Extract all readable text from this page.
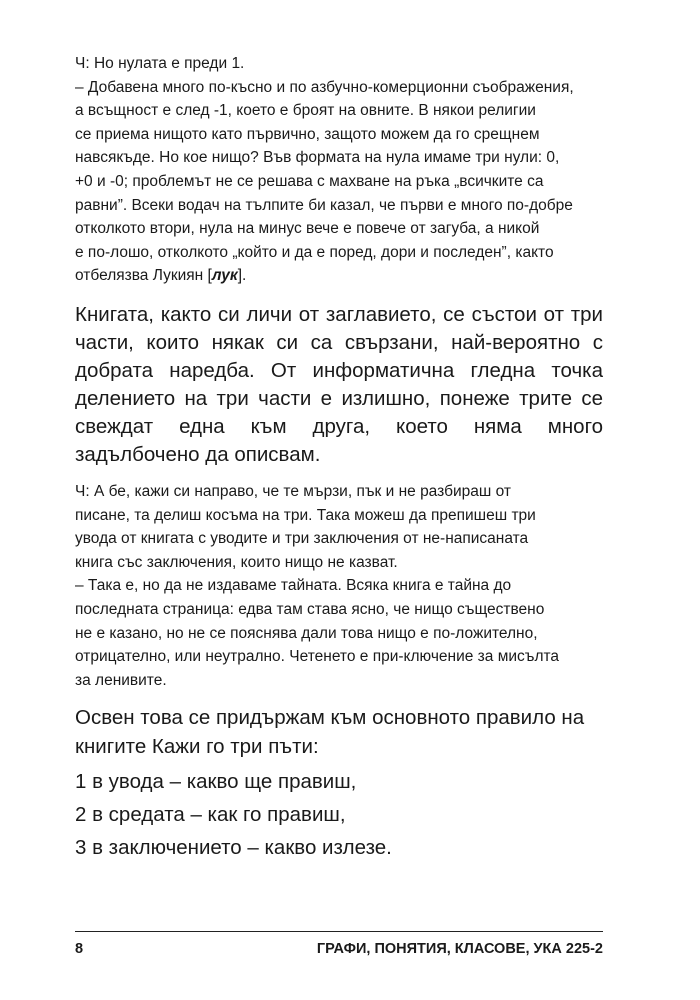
Ч: Но нулата е преди 1.

– Добавена много по-късно и по азбучно-комерционни съображения,

а всъщност е след -1, което е броят на овните. В някои религии

се приема нищото като първично, защото можем да го срещнем

навсякъде. Но кое нищо? Във формата на нула имаме три нули: 0,

+0 и -0; проблемът не се решава с махване на ръка „всичките са

равни”. Всеки водач на тълпите би казал, че първи е много по-добре

отколкото втори, нула на минус вече е повече от загуба, а никой

е по-лошо, отколкото „който и да е поред, дори и последен”, както

отбелязва Лукиян [лук].

Книгата, както си личи от заглавието, се състои от три части, които някак си са свързани, най-вероятно с добрата наредба. От информатична гледна точка делението на три части е излишно, понеже трите се свеждат една към друга, което няма много задълбочено да описвам.

Ч: А бе, кажи си направо, че те мързи, пък и не разбираш от

писане, та делиш косъма на три. Така можеш да препишеш три

увода от книгата с уводите и три заключения от не-написаната

книга със заключения, които нищо не казват.

– Така е, но да не издаваме тайната. Всяка книга е тайна до

последната страница: едва там става ясно, че нищо съществено

не е казано, но не се пояснява дали това нищо е по-ложително,

отрицателно, или неутрално. Четенето е при-ключение за мисълта

за ленивите.

Освен това се придържам към основното правило на

книгите Кажи го три пъти:

1 в увода – какво ще правиш,

2 в средата – как го правиш,

3 в заключението – какво излезе.

8	ГРАФИ, ПОНЯТИЯ, КЛАСОВЕ, УКА 225-2
